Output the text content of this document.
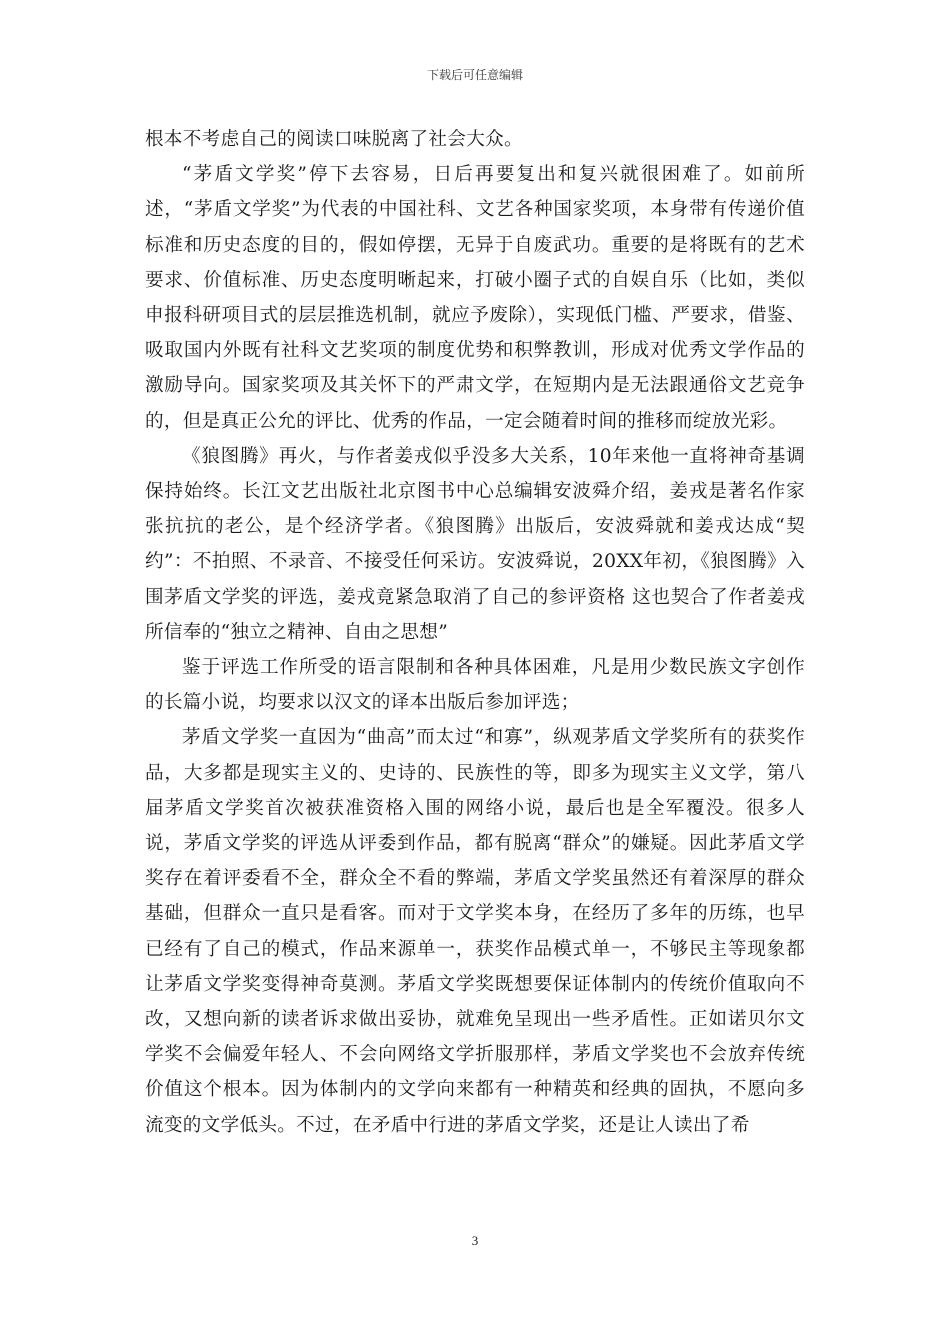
下载后可任意编辑

根本不考虑自己的阅读口味脱离了社会大众。

“茅盾文学奖”停下去容易，日后再要复出和复兴就很困难了。如前所述，“茅盾文学奖”为代表的中国社科、文艺各种国家奖项，本身带有传递价值标准和历史态度的目的，假如停摆，无异于自废武功。重要的是将既有的艺术要求、价值标准、历史态度明晰起来，打破小圈子式的自娱自乐（比如，类似申报科研项目式的层层推选机制，就应予废除），实现低门槛、严要求，借鉴、吸取国内外既有社科文艺奖项的制度优势和积弊教训，形成对优秀文学作品的激励导向。国家奖项及其关怀下的严肃文学，在短期内是无法跟通俗文艺竞争的，但是真正公允的评比、优秀的作品，一定会随着时间的推移而绽放光彩。

《狼图腾》再火，与作者姜戎似乎没多大关系，10年来他一直将神奇基调保持始终。长江文艺出版社北京图书中心总编辑安波舜介绍，姜戎是著名作家张抗抗的老公，是个经济学者。《狼图腾》出版后，安波舜就和姜戎达成“契约”：不拍照、不录音、不接受任何采访。安波舜说，20XX年初，《狼图腾》入围茅盾文学奖的评选，姜戎竟紧急取消了自己的参评资格 这也契合了作者姜戎所信奉的“独立之精神、自由之思想”

鉴于评选工作所受的语言限制和各种具体困难，凡是用少数民族文字创作的长篇小说，均要求以汉文的译本出版后参加评选；

茅盾文学奖一直因为“曲高”而太过“和寡”，纵观茅盾文学奖所有的获奖作品，大多都是现实主义的、史诗的、民族性的等，即多为现实主义文学，第八届茅盾文学奖首次被获准资格入围的网络小说，最后也是全军覆没。很多人说，茅盾文学奖的评选从评委到作品，都有脱离“群众”的嫌疑。因此茅盾文学奖存在着评委看不全，群众全不看的弊端，茅盾文学奖虽然还有着深厚的群众基础，但群众一直只是看客。而对于文学奖本身，在经历了多年的历练，也早已经有了自己的模式，作品来源单一，获奖作品模式单一，不够民主等现象都让茅盾文学奖变得神奇莫测。茅盾文学奖既想要保证体制内的传统价值取向不改，又想向新的读者诉求做出妥协，就难免呈现出一些矛盾性。正如诺贝尔文学奖不会偏爱年轻人、不会向网络文学折服那样，茅盾文学奖也不会放弃传统价值这个根本。因为体制内的文学向来都有一种精英和经典的固执，不愿向多流变的文学低头。不过，在矛盾中行进的茅盾文学奖，还是让人读出了希

3
